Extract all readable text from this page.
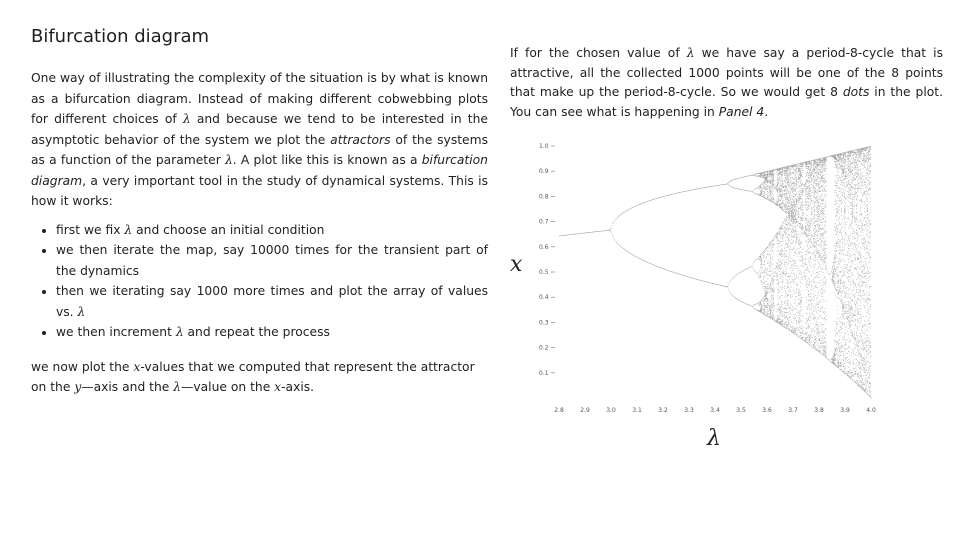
Bifurcation diagram

One way of illustrating the complexity of the situation is by what is known as a bifurcation diagram. Instead of making different cobwebbing plots for different choices of λ and because we tend to be interested in the asymptotic behavior of the system we plot the attractors of the systems as a function of the parameter λ. A plot like this is known as a bifurcation diagram, a very important tool in the study of dynamical systems. This is how it works:

• first we fix λ and choose an initial condition
• we then iterate the map, say 10000 times for the transient part of the dynamics
• then we iterating say 1000 more times and plot the array of values vs. λ
• we then increment λ and repeat the process

we now plot the x-values that we computed that represent the attractor on the y—axis and the λ—value on the x-axis.

If for the chosen value of λ we have say a period-8-cycle that is attractive, all the collected 1000 points will be one of the 8 points that make up the period-8-cycle. So we would get 8 dots in the plot. You can see what is happening in Panel 4.
x
λ
2.8	2.9	3.0	3.1	3.2	3.3	3.4	3.5	3.6	3.7	3.8	3.9	4.0
0.1
0.2
0.3
0.4
0.5
0.6
0.7
0.8
0.9
1.0
